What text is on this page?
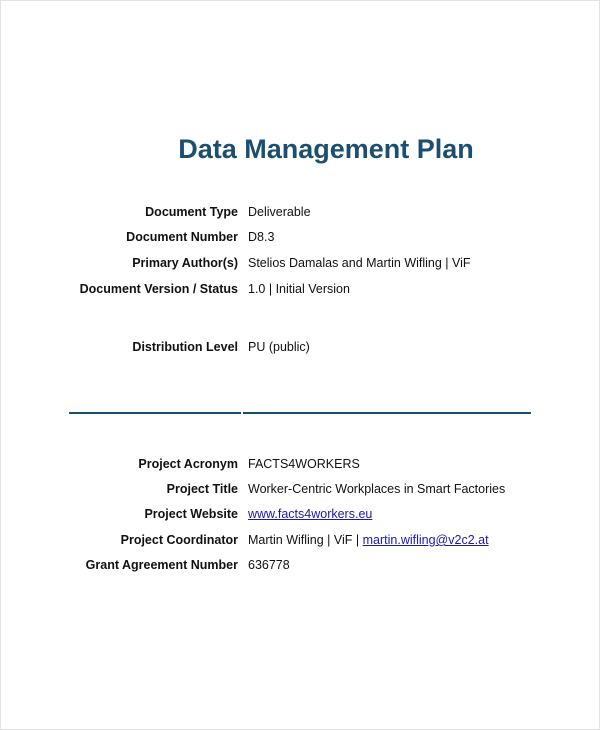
Data Management Plan
Document Type Deliverable
Document Number D8.3
Primary Author(s) Stelios Damalas and Martin Wifling | ViF
Document Version / Status 1.0 | Initial Version
Distribution Level PU (public)
Project Acronym FACTS4WORKERS
Project Title Worker-Centric Workplaces in Smart Factories
Project Website www.facts4workers.eu
Project Coordinator Martin Wifling | ViF | martin.wifling@v2c2.at
Grant Agreement Number 636778
